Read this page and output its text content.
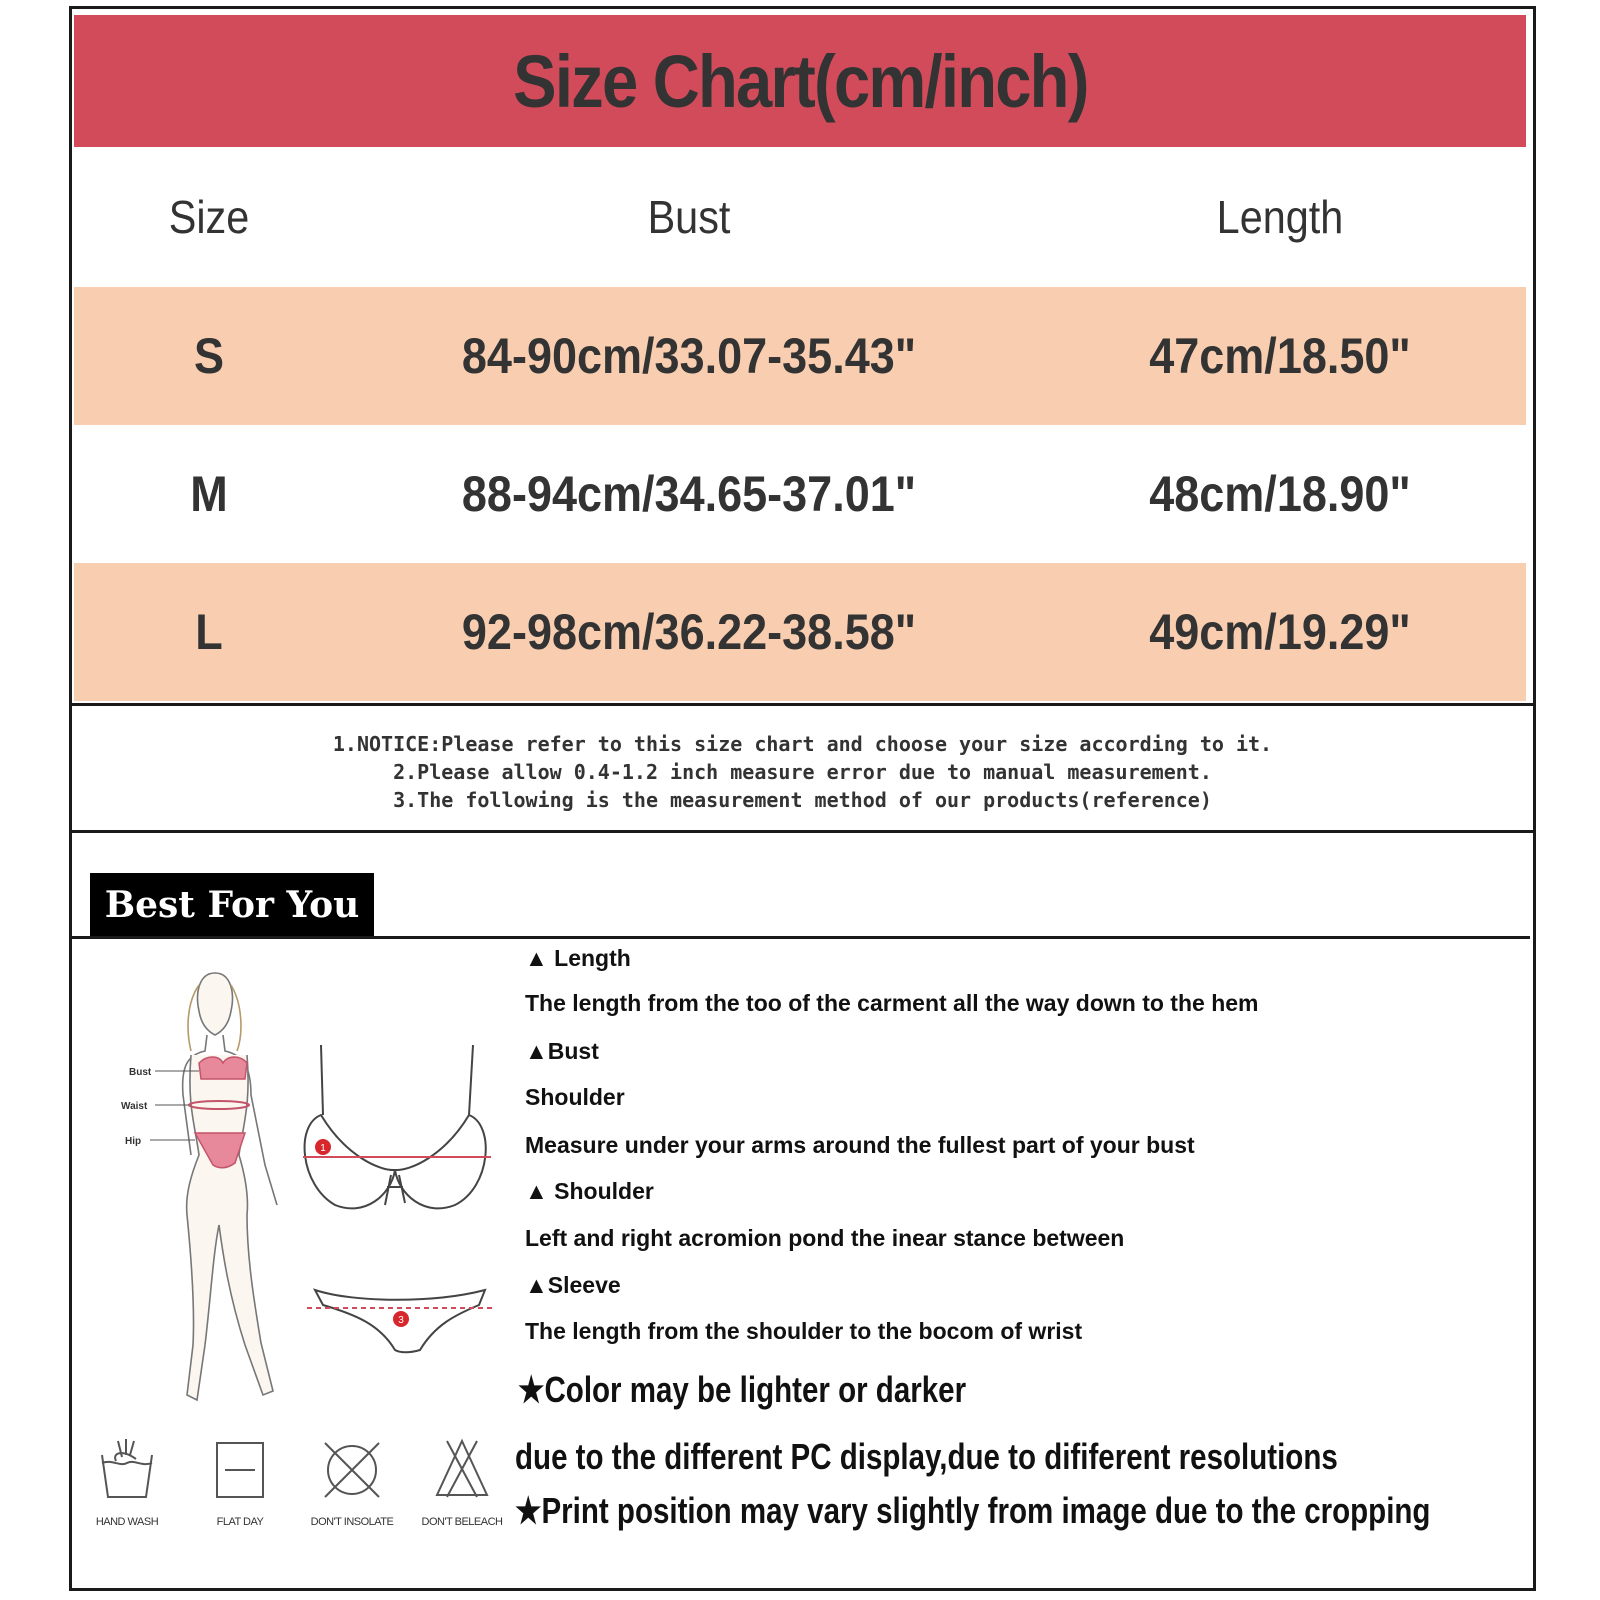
Size Chart(cm/inch)
Size	Bust	Length
S	84-90cm/33.07-35.43"	47cm/18.50"
M	88-94cm/34.65-37.01"	48cm/18.90"
L	92-98cm/36.22-38.58"	49cm/19.29"
1.NOTICE:Please refer to this size chart and choose your size according to it.
2.Please allow 0.4-1.2 inch measure error due to manual measurement.
3.The following is the measurement method of our products(reference)
Best For You
Bust
Waist
Hip
1
3
HAND WASH	FLAT DAY	DON'T INSOLATE	DON'T BELEACH
▲ Length
The length from the too of the carment all the way down to the hem
▲Bust
Shoulder
Measure under your arms around the fullest part of your bust
▲ Shoulder
Left and right acromion pond the inear stance between
▲Sleeve
The length from the shoulder to the bocom of wrist
★Color may be lighter or darker
due to the different PC display,due to dififerent resolutions
★Print position may vary slightly from image due to the cropping
